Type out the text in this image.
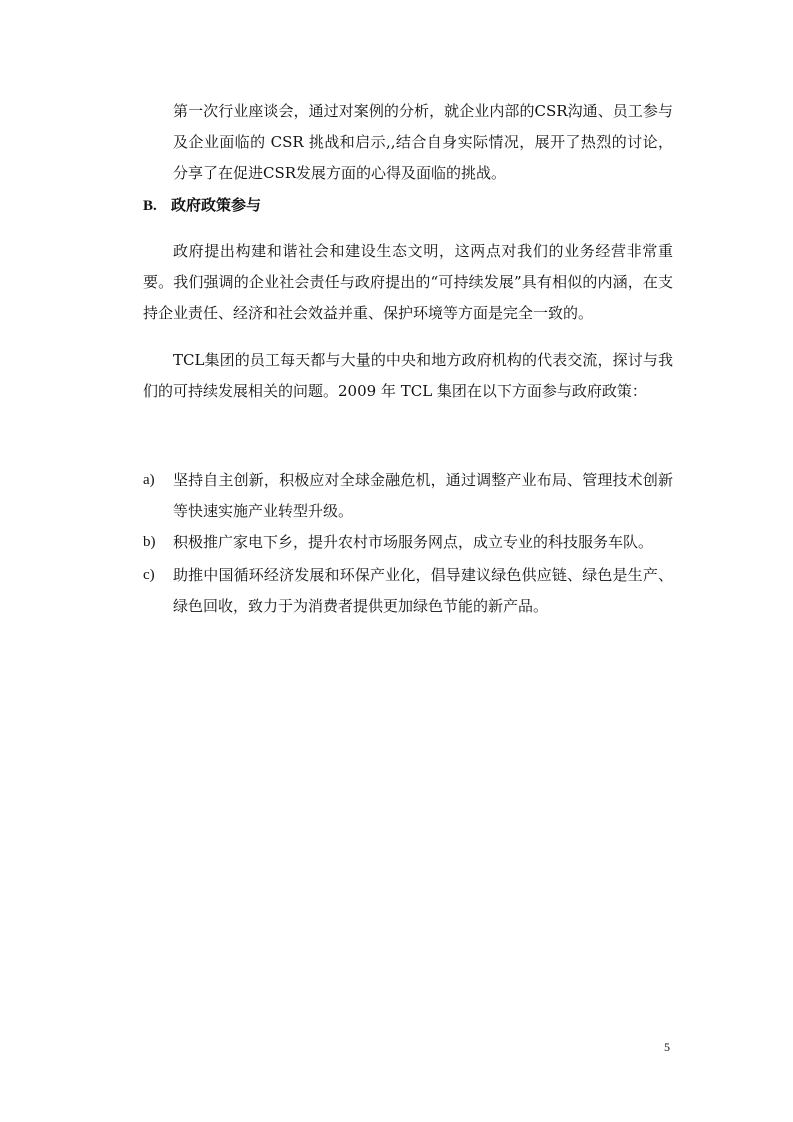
第一次行业座谈会，通过对案例的分析，就企业内部的CSR沟通、员工参与及企业面临的 CSR 挑战和启示,,结合自身实际情况，展开了热烈的讨论，分享了在促进CSR发展方面的心得及面临的挑战。

B. 政府政策参与

政府提出构建和谐社会和建设生态文明，这两点对我们的业务经营非常重要。我们强调的企业社会责任与政府提出的“可持续发展”具有相似的内涵，在支持企业责任、经济和社会效益并重、保护环境等方面是完全一致的。

TCL集团的员工每天都与大量的中央和地方政府机构的代表交流，探讨与我们的可持续发展相关的问题。2009 年 TCL 集团在以下方面参与政府政策：

a)	坚持自主创新，积极应对全球金融危机，通过调整产业布局、管理技术创新等快速实施产业转型升级。
b)	积极推广家电下乡，提升农村市场服务网点，成立专业的科技服务车队。
c)	助推中国循环经济发展和环保产业化，倡导建议绿色供应链、绿色是生产、绿色回收，致力于为消费者提供更加绿色节能的新产品。
5
